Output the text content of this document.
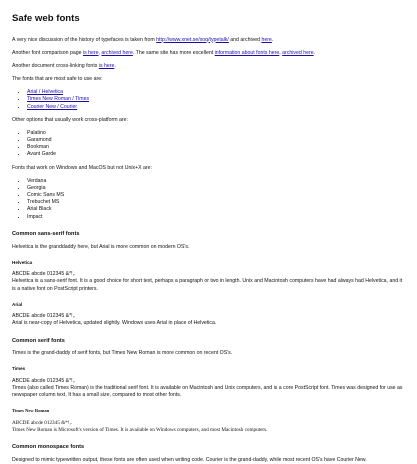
Safe web fonts

A very nice discussion of the history of typefaces is taken from http://www.xnet.se/xoq/typetalk/ and archived here.

Another font comparison page is here, archived here. The same site has more excellent information about fonts here, archived here.

Another document cross-linking fonts is here.

The fonts that are most safe to use are:

• Arial / Helvetica
• Times New Roman / Times
• Courier New / Courier

Other options that usually work cross-platform are:

• Palatino
• Garamond
• Bookman
• Avant Garde

Fonts that work on Windows and MacOS but not Unix+X are:

• Verdana
• Georgia
• Comic Sans MS
• Trebuchet MS
• Arial Black
• Impact
Common sans-serif fonts

Helvetica is the granddaddy here, but Arial is more common on modern OS's.

Helvetica
ABCDE abcde 012345 &*!,.

Helvetica is a sans-serif font. It is a good choice for short text, perhaps a paragraph or two in length. Unix and Macintosh computers have had always had Helvetica, and it is a native font on PostScript printers.

Arial
ABCDE abcde 012345 &*!,.

Arial is near-copy of Helvetica, updated slightly. Windows uses Arial in place of Helvetica.

Common serif fonts

Times is the grand-daddy of serif fonts, but Times New Roman is more common on recent OS's.

Times
ABCDE abcde 012345 &*!,.

Times (also called Times Roman) is the traditional serif font. It is available on Macintosh and Unix computers, and is a core PostScript font. Times was designed for use as newspaper column text. It has a small size, compared to most other fonts.

Times New Roman
ABCDE abcde 012345 &*!,.

Times New Roman is Microsoft's version of Times. It is available on Windows computers, and most Macintosh computers.

Common monospace fonts

Designed to mimic typewritten output, these fonts are often used when writing code. Courier is the grand-daddy, while most recent OS's have Courier New.
